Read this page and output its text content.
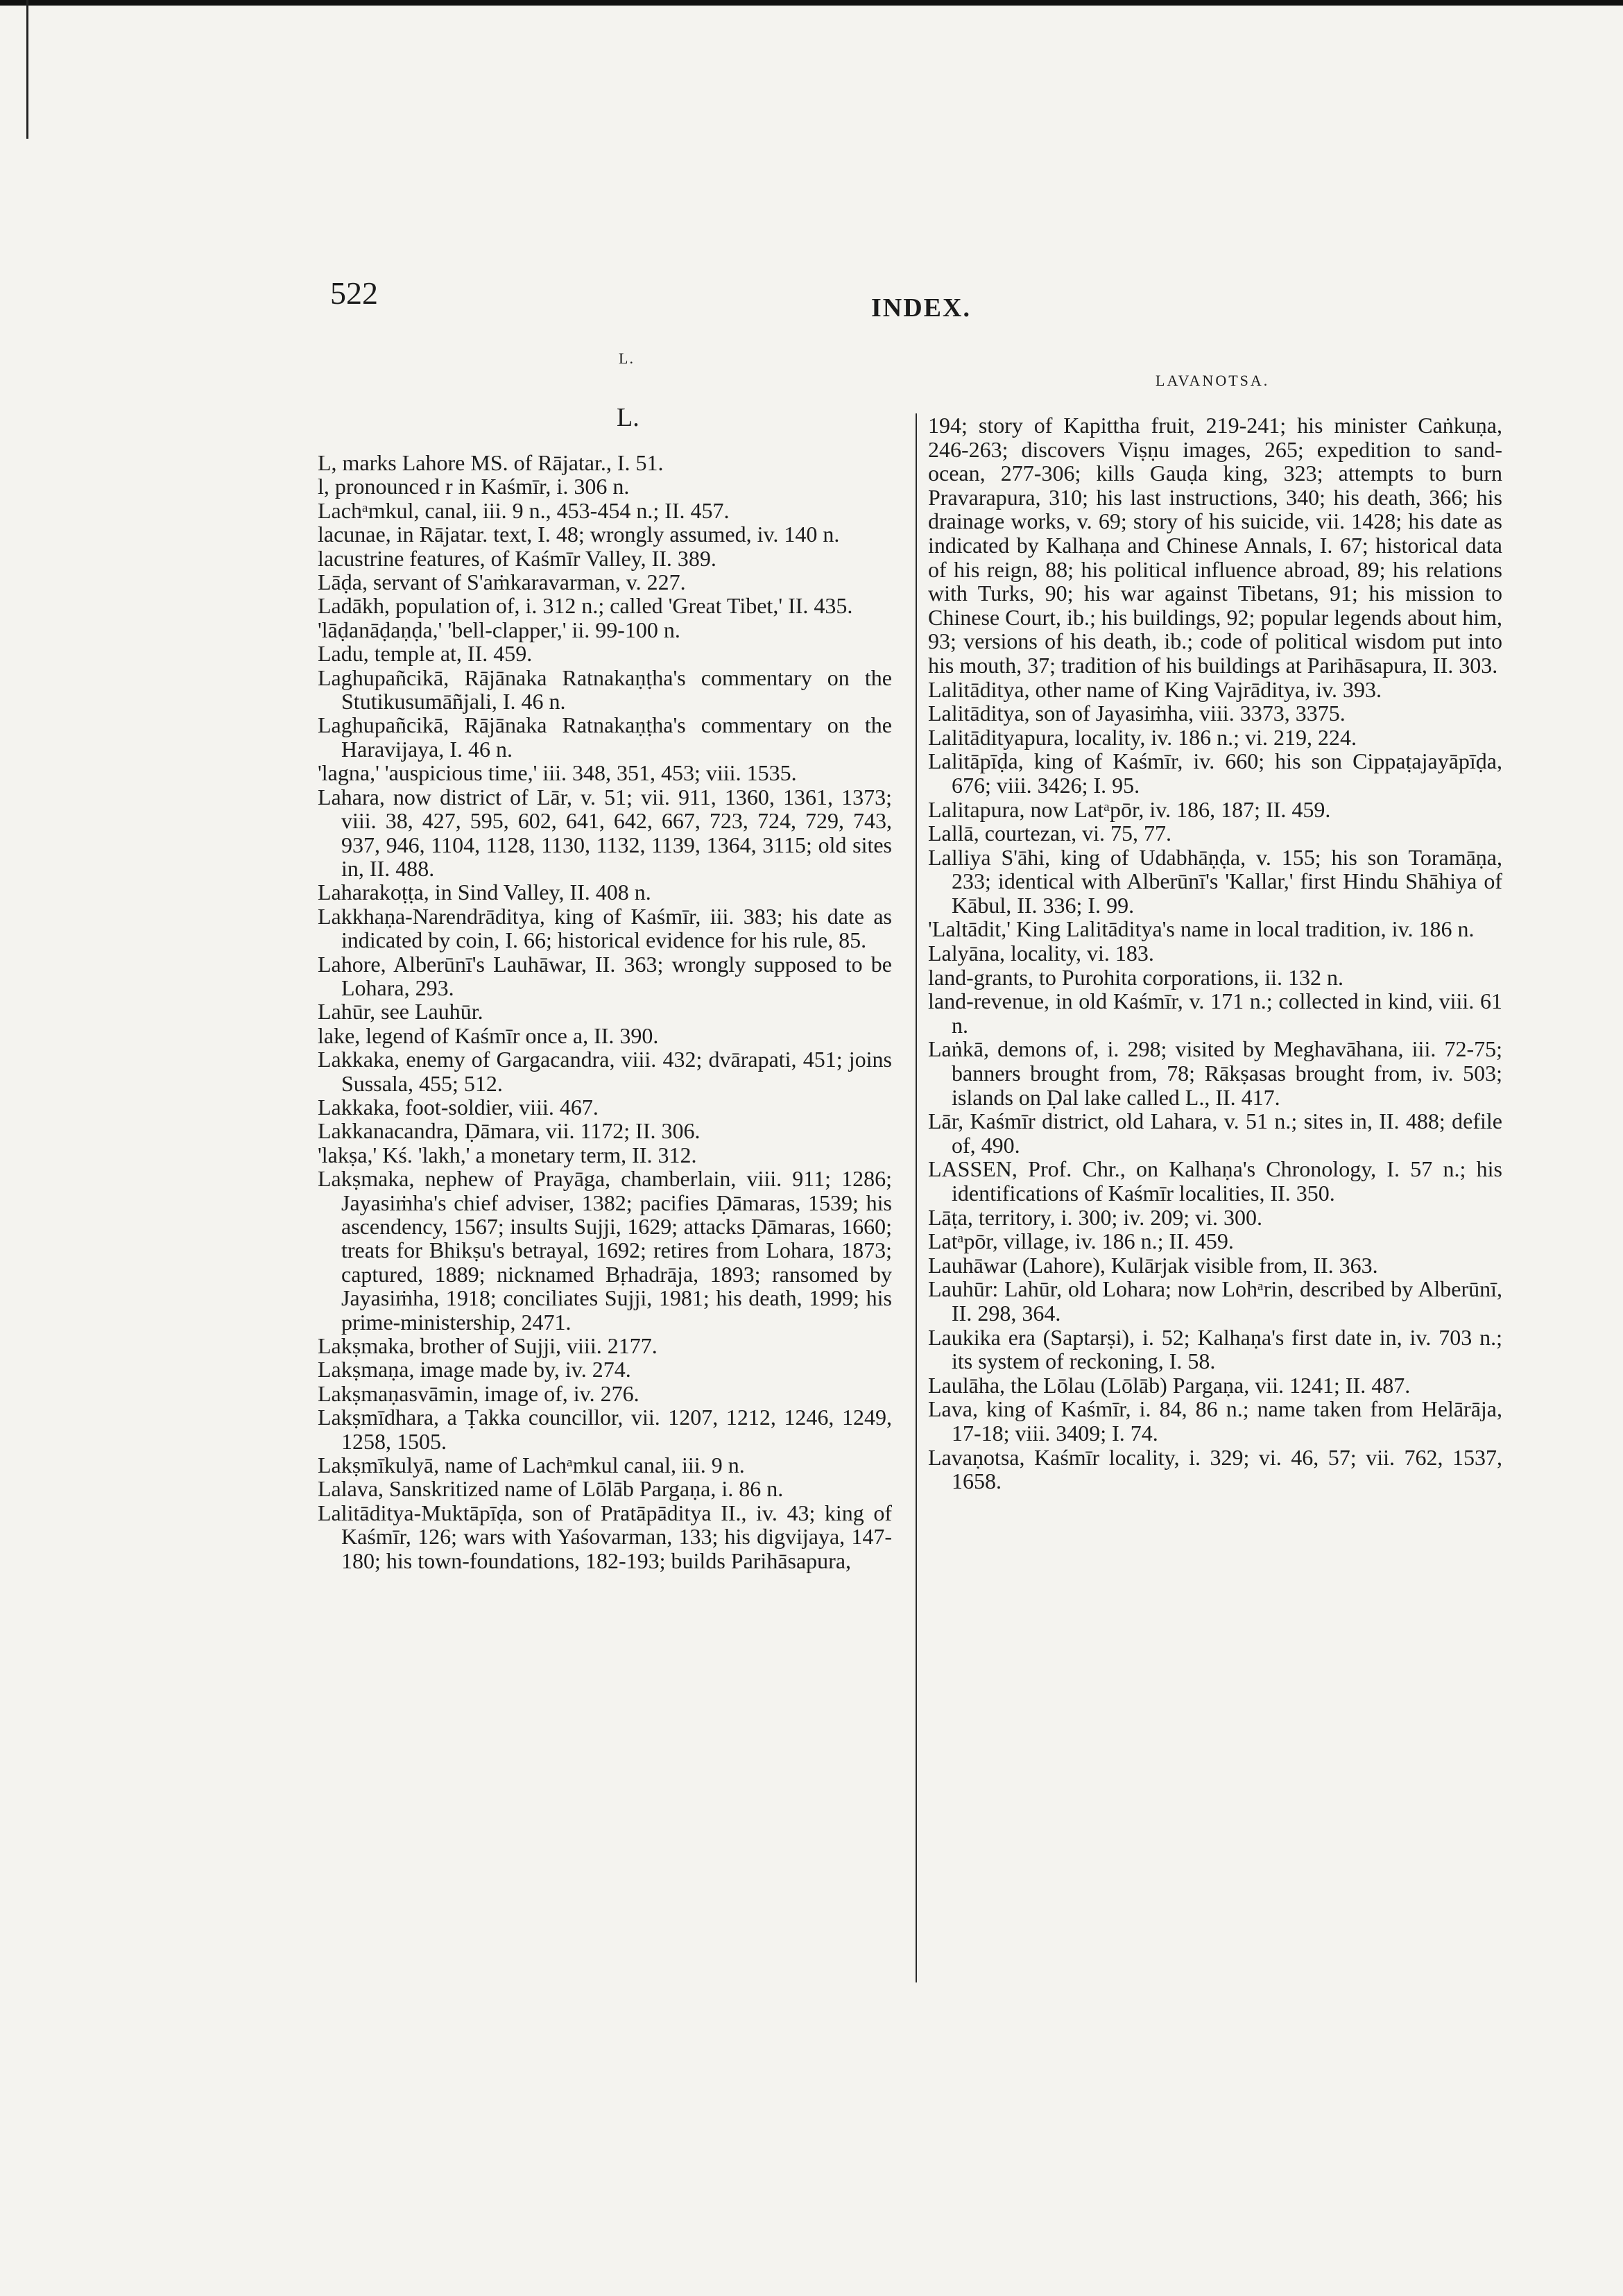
522	INDEX.
L.
LAVANOTSA.
L.
L, marks Lahore MS. of Rājatar., I. 51.
l, pronounced r in Kaśmīr, i. 306 n.
Lachᵃmkul, canal, iii. 9 n., 453-454 n.; II. 457.
lacunae, in Rājatar. text, I. 48; wrongly assumed, iv. 140 n.
lacustrine features, of Kaśmīr Valley, II. 389.
Lāḍa, servant of S'aṁkaravarman, v. 227.
Ladākh, population of, i. 312 n.; called 'Great Tibet,' II. 435.
'lāḍanāḍaṇḍa,' 'bell-clapper,' ii. 99-100 n.
Ladu, temple at, II. 459.
Laghupañcikā, Rājānaka Ratnakaṇṭha's commentary on the Stutikusumāñjali, I. 46 n.
Laghupañcikā, Rājānaka Ratnakaṇṭha's commentary on the Haravijaya, I. 46 n.
'lagna,' 'auspicious time,' iii. 348, 351, 453; viii. 1535.
Lahara, now district of Lār, v. 51; vii. 911, 1360, 1361, 1373; viii. 38, 427, 595, 602, 641, 642, 667, 723, 724, 729, 743, 937, 946, 1104, 1128, 1130, 1132, 1139, 1364, 3115; old sites in, II. 488.
Laharakoṭṭa, in Sind Valley, II. 408 n.
Lakkhaṇa-Narendrāditya, king of Kaśmīr, iii. 383; his date as indicated by coin, I. 66; historical evidence for his rule, 85.
Lahore, Alberūnī's Lauhāwar, II. 363; wrongly supposed to be Lohara, 293.
Lahūr, see Lauhūr.
lake, legend of Kaśmīr once a, II. 390.
Lakkaka, enemy of Gargacandra, viii. 432; dvārapati, 451; joins Sussala, 455; 512.
Lakkaka, foot-soldier, viii. 467.
Lakkanacandra, Ḍāmara, vii. 1172; II. 306.
'lakṣa,' Kś. 'lakh,' a monetary term, II. 312.
Lakṣmaka, nephew of Prayāga, chamberlain, viii. 911; 1286; Jayasiṁha's chief adviser, 1382; pacifies Ḍāmaras, 1539; his ascendency, 1567; insults Sujji, 1629; attacks Ḍāmaras, 1660; treats for Bhikṣu's betrayal, 1692; retires from Lohara, 1873; captured, 1889; nicknamed Bṛhadrāja, 1893; ransomed by Jayasiṁha, 1918; conciliates Sujji, 1981; his death, 1999; his prime-ministership, 2471.
Lakṣmaka, brother of Sujji, viii. 2177.
Lakṣmaṇa, image made by, iv. 274.
Lakṣmaṇasvāmin, image of, iv. 276.
Lakṣmīdhara, a Ṭakka councillor, vii. 1207, 1212, 1246, 1249, 1258, 1505.
Lakṣmīkulyā, name of Lachᵃmkul canal, iii. 9 n.
Lalava, Sanskritized name of Lōlāb Pargaṇa, i. 86 n.
Lalitāditya-Muktāpīḍa, son of Pratāpāditya II., iv. 43; king of Kaśmīr, 126; wars with Yaśovarman, 133; his digvijaya, 147-180; his town-foundations, 182-193; builds Parihāsapura,
194; story of Kapittha fruit, 219-241; his minister Caṅkuṇa, 246-263; discovers Viṣṇu images, 265; expedition to sand-ocean, 277-306; kills Gauḍa king, 323; attempts to burn Pravarapura, 310; his last instructions, 340; his death, 366; his drainage works, v. 69; story of his suicide, vii. 1428; his date as indicated by Kalhaṇa and Chinese Annals, I. 67; historical data of his reign, 88; his political influence abroad, 89; his relations with Turks, 90; his war against Tibetans, 91; his mission to Chinese Court, ib.; his buildings, 92; popular legends about him, 93; versions of his death, ib.; code of political wisdom put into his mouth, 37; tradition of his buildings at Parihāsapura, II. 303.
Lalitāditya, other name of King Vajrāditya, iv. 393.
Lalitāditya, son of Jayasiṁha, viii. 3373, 3375.
Lalitādityapura, locality, iv. 186 n.; vi. 219, 224.
Lalitāpīḍa, king of Kaśmīr, iv. 660; his son Cippaṭajayāpīḍa, 676; viii. 3426; I. 95.
Lalitapura, now Latᵃpōr, iv. 186, 187; II. 459.
Lallā, courtezan, vi. 75, 77.
Lalliya S'āhi, king of Udabhāṇḍa, v. 155; his son Toramāṇa, 233; identical with Alberūnī's 'Kallar,' first Hindu Shāhiya of Kābul, II. 336; I. 99.
'Laltādit,' King Lalitāditya's name in local tradition, iv. 186 n.
Lalyāna, locality, vi. 183.
land-grants, to Purohita corporations, ii. 132 n.
land-revenue, in old Kaśmīr, v. 171 n.; collected in kind, viii. 61 n.
Laṅkā, demons of, i. 298; visited by Meghavāhana, iii. 72-75; banners brought from, 78; Rākṣasas brought from, iv. 503; islands on Ḍal lake called L., II. 417.
Lār, Kaśmīr district, old Lahara, v. 51 n.; sites in, II. 488; defile of, 490.
LASSEN, Prof. Chr., on Kalhaṇa's Chronology, I. 57 n.; his identifications of Kaśmīr localities, II. 350.
Lāṭa, territory, i. 300; iv. 209; vi. 300.
Latᵃpōr, village, iv. 186 n.; II. 459.
Lauhāwar (Lahore), Kulārjak visible from, II. 363.
Lauhūr: Lahūr, old Lohara; now Lohᵃrin, described by Alberūnī, II. 298, 364.
Laukika era (Saptarṣi), i. 52; Kalhaṇa's first date in, iv. 703 n.; its system of reckoning, I. 58.
Laulāha, the Lōlau (Lōlāb) Pargaṇa, vii. 1241; II. 487.
Lava, king of Kaśmīr, i. 84, 86 n.; name taken from Helārāja, 17-18; viii. 3409; I. 74.
Lavaṇotsa, Kaśmīr locality, i. 329; vi. 46, 57; vii. 762, 1537, 1658.
